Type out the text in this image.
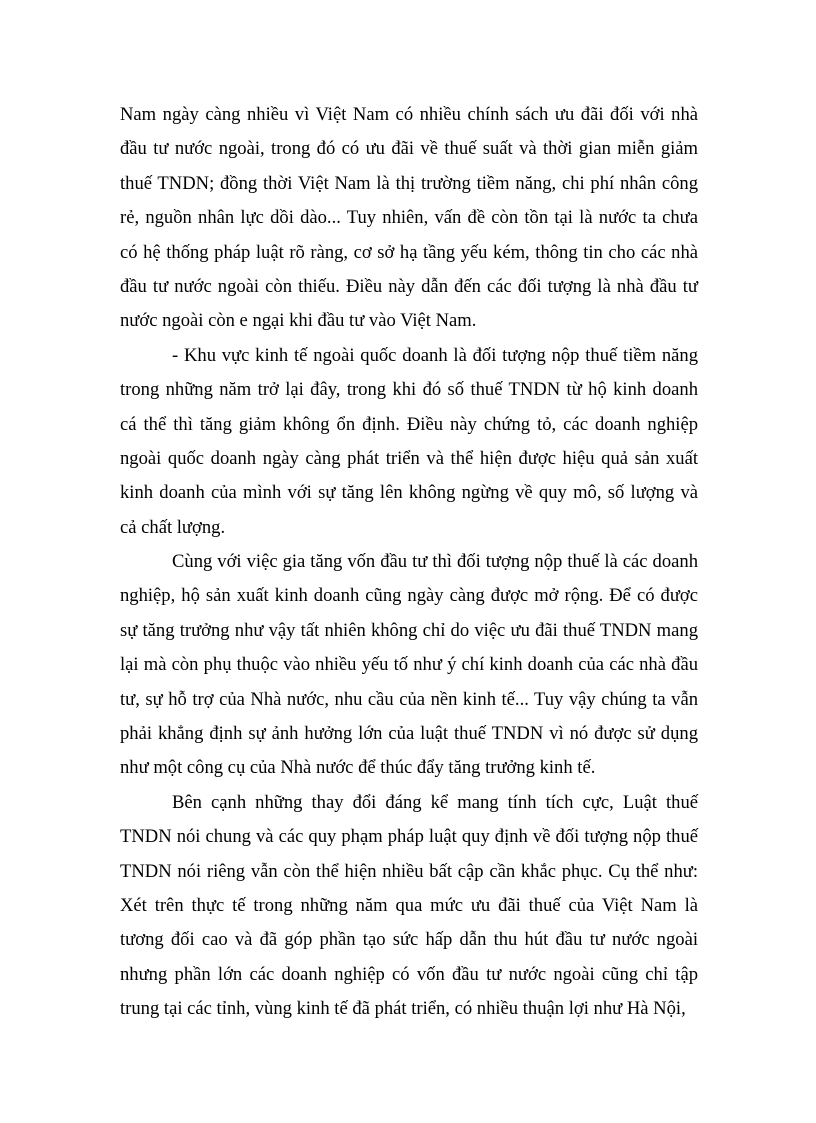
Nam ngày càng nhiều vì Việt Nam có nhiều chính sách ưu đãi đối với nhà
đầu tư nước ngoài, trong đó có ưu đãi về thuế suất và thời gian miễn giảm
thuế TNDN; đồng thời Việt Nam là thị trường tiềm năng, chi phí nhân công
rẻ, nguồn nhân lực dồi dào... Tuy nhiên, vấn đề còn tồn tại là nước ta chưa
có hệ thống pháp luật rõ ràng, cơ sở hạ tầng yếu kém, thông tin cho các nhà
đầu tư nước ngoài còn thiếu. Điều này dẫn đến các đối tượng là nhà đầu tư
nước ngoài còn e ngại khi đầu tư vào Việt Nam.
- Khu vực kinh tế ngoài quốc doanh là đối tượng nộp thuế tiềm năng
trong những năm trở lại đây, trong khi đó số thuế TNDN từ hộ kinh doanh
cá thể thì tăng giảm không ổn định. Điều này chứng tỏ, các doanh nghiệp
ngoài quốc doanh ngày càng phát triển và thể hiện được hiệu quả sản xuất
kinh doanh của mình với sự tăng lên không ngừng về quy mô, số lượng và
cả chất lượng.
Cùng với việc gia tăng vốn đầu tư thì đối tượng nộp thuế là các doanh
nghiệp, hộ sản xuất kinh doanh cũng ngày càng được mở rộng. Để có được
sự tăng trưởng như vậy tất nhiên không chỉ do việc ưu đãi thuế TNDN mang
lại mà còn phụ thuộc vào nhiều yếu tố như ý chí kinh doanh của các nhà đầu
tư, sự hỗ trợ của Nhà nước, nhu cầu của nền kinh tế... Tuy vậy chúng ta vẫn
phải khẳng định sự ảnh hưởng lớn của luật thuế TNDN vì nó được sử dụng
như một công cụ của Nhà nước để thúc đẩy tăng trưởng kinh tế.
Bên cạnh những thay đổi đáng kể mang tính tích cực, Luật thuế
TNDN nói chung và các quy phạm pháp luật quy định về đối tượng nộp thuế
TNDN nói riêng vẫn còn thể hiện nhiều bất cập cần khắc phục. Cụ thể như:
Xét trên thực tế trong những năm qua mức ưu đãi thuế của Việt Nam là
tương đối cao và đã góp phần tạo sức hấp dẫn thu hút đầu tư nước ngoài
nhưng phần lớn các doanh nghiệp có vốn đầu tư nước ngoài cũng chỉ tập
trung tại các tỉnh, vùng kinh tế đã phát triển, có nhiều thuận lợi như Hà Nội,
